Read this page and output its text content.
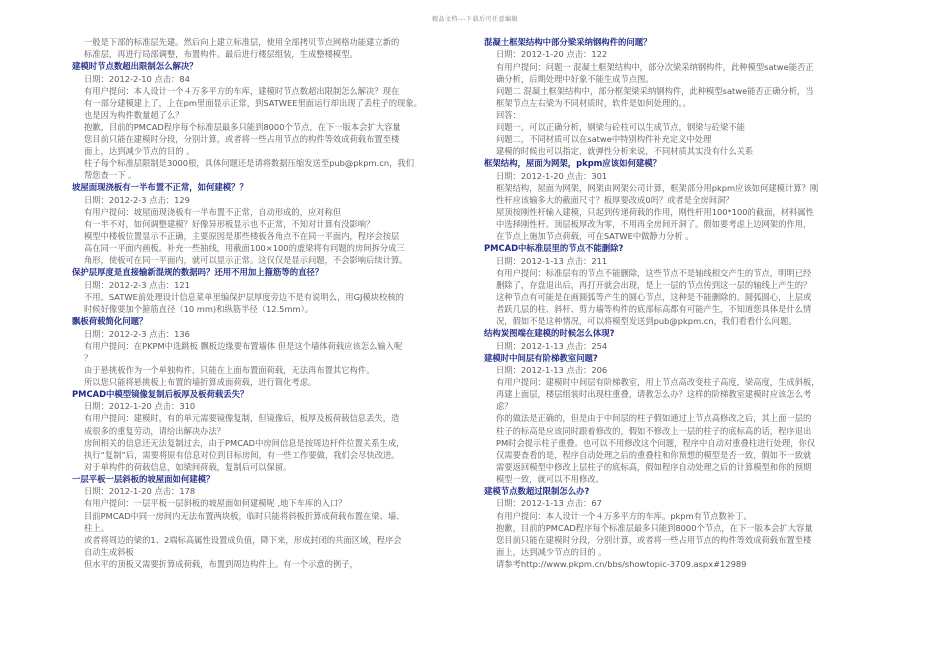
精品文档---下载后可任意编辑
一般是下部的标准层先建。然后向上建立标准层，使用全部拷贝节点网格功能建立新的
标准层，再进行局部调整，布置构件。最后进行楼层组装，生成整楼模型。
建模时节点数超出限制怎么解决？
日期：2012-2-10 点击：84
有用户提问：本人设计一个４万多平方的车库，建模时节点数超出限制怎么解决？现在
有一部分建模建上了，上在pm里面显示正常，到SATWEE里面运行却出现了丢柱子的现象。
也是因为构件数量超了么？
抱歉，目前的PMCAD程序每个标准层最多只能到8000个节点，在下一版本会扩大容量
您目前只能在建模时分段，分别计算，或者将一些占用节点的构件等效成荷载布置至楼
面上，达到减少节点的目的 。
柱子每个标准层限制是3000根，具体问题还是请将数据压缩发送至pub@pkpm.cn，我们
帮您查一下 。
坡屋面现浇板有一半布置不正常，如何建模？？
日期：2012-2-3 点击：129
有用户提问：坡屋面现浇板有一半布置不正常，自动形成的，应对称但
有一半不对，如何调整建模？好像异形板显示也不正常，不知对计算有没影响？
模型中楼板位置显示不正确，主要原因是那些楼板各角点不在同一平面内，程序会按层
高在同一平面内画板。补充一些抽线，用截面100×100的虚梁将有问题的房间拆分成三
角形，使板可在同一平面内，就可以显示正常。这仅仅是显示问题，不会影响后续计算。
保护层厚度是直接输新混规的数据吗？还用不用加上箍筋等的直径？
日期：2012-2-3 点击：121
不用。SATWE前处理设计信息菜单里编保护层厚度旁边不是有说明么，用GJ模块校核的
时候好像要加个箍筋直径（10 mm)和纵筋半径（12.5mm）。
飘板荷载简化问题？
日期：2012-2-3 点击：136
有用户提问：在PKPM中选跳板 飘板边缘要布置墙体 但是这个墙体荷载应该怎么输入呢
？
由于悬挑板作为一个单独构件，只能在上面布置面荷载，无法再布置其它构件。
所以您只能将悬挑板上布置的墙折算成面荷载，进行简化考虑。
PMCAD中模型镜像复制后板厚及板荷载丢失？
日期：2012-1-20 点击：310
有用户提问：建模时，有的单元需要镜像复制，但镜像后，板厚及板荷载信息丢失，造
成很多的重复劳动，请给出解决办法？
房间相关的信息还无法复制过去，由于PMCAD中房间信息是按周边杆件位置关系生成，
执行“复制”后，需要将原有信息对位到目标房间，有一些工作要做，我们会尽快改进。
对于单构件的荷载信息，如梁间荷载，复制后可以保留。
一层平板一层斜板的坡屋面如何建模？
日期：2012-1-20 点击：178
有用户提问：一层平板一层斜板的坡屋面如何建模呢 ,地下车库的入口？
目前PMCAD中同一房间内无法布置两块板，临时只能将斜板折算成荷载布置在梁、墙、
柱上。
或者将周边的梁的1、2端标高属性设置成负值，降下来，形成封闭的共面区域，程序会
自动生成斜板
但水平的顶板又需要折算成荷载，布置到周边构件上。有一个示意的例子，
混凝土框架结构中部分梁采纳钢构件的问题？
日期：2012-1-20 点击：122
有用户提问：问题一 混凝土框架结构中，部分次梁采纳钢构件，此种模型satwe能否正
确分析，后期处理中好象不能生成节点图。
问题二 混凝土框架结构中，部分框架梁采纳钢构件，此种模型satwe能否正确分析，当
框架节点左右梁为不同材质时，软件是如何处理的。。
回答：
问题一，可以正确分析，钢梁与砼柱可以生成节点，钢梁与砼梁不能
问题二，不同材质可以在satwe中特别构件补充定义中处理
建模的时候也可以指定，就弹性分析来说，不同材质其实没有什么关系
框架结构，屋面为网架，pkpm应该如何建模？
日期：2012-1-20 点击：301
框架结构，屋面为网架，网架由网架公司计算，框架部分用pkpm应该如何建模计算？刚
性杆应该输多大的截面尺寸？板厚要改成0吗？或者是全房间洞？
屋顶按刚性杆输入建模，只起到传递荷载的作用，刚性杆用100*100的截面，材料属性
中选择刚性杆。顶层板厚改为零，不用再全房间开洞了。假如要考虑上边网架的作用，
在节点上施加节点荷载，可在SATWE中做静力分析 。
PMCAD中标准层里的节点不能删除?
日期：2012-1-13 点击：211
有用户提问：标准层有的节点不能删除，这些节点不是轴线相交产生的节点，明明已经
删除了，存盘退出后，再打开就会出现，是上一层的节点传到这一层的轴线上产生的？
这种节点有可能是在画圆弧等产生的圆心节点，这种是不能删除的。圆弧圆心，上层或
者跃几层的柱、斜杆、剪力墙等构件的底部标高都有可能产生，不知道您具体是什么情
况，假如不是这种情况，可以将模型发送到pub@pkpm.cn，我们看看什么问题。
结构炭图端在建模的时候怎么体现?
日期：2012-1-13 点击：254
建模时中间层有阶梯教室问题?
日期：2012-1-13 点击：206
有用户提问：建模时中间层有阶梯教室，用上节点高改变柱子高度，梁高度，生成斜板，
再建上面层，楼层组装时出现柱重叠，请教怎么办？这样的阶梯教室建模时应该怎么考
虑？
你的做法是正确的，但是由于中间层的柱子假如通过上节点高修改之后，其上面一层的
柱子的标高是应该同时跟着修改的，假如不修改上一层的柱子的底标高的话，程序退出
PM时会提示柱子重叠。也可以不用修改这个问题，程序中自动对重叠柱进行处理，你仅
仅需要查看的是，程序自动处理之后的重叠柱和你预想的模型是否一致，假如不一致就
需要返回模型中修改上层柱子的底标高，假如程序自动处理之后的计算模型和你的预期
模型一致，就可以不用修改。
建模节点数超过限制怎么办?
日期：2012-1-13 点击：67
有用户提问：本人设计一个４万多平方的车库。pkpm有节点数补丁。
抱歉，目前的PMCAD程序每个标准层最多只能到8000个节点，在下一版本会扩大容量
您目前只能在建模时分段，分别计算，或者将一些占用节点的构件等效成荷载布置至楼
面上，达到减少节点的目的 。
请参考http://www.pkpm.cn/bbs/showtopic-3709.aspx#12989
